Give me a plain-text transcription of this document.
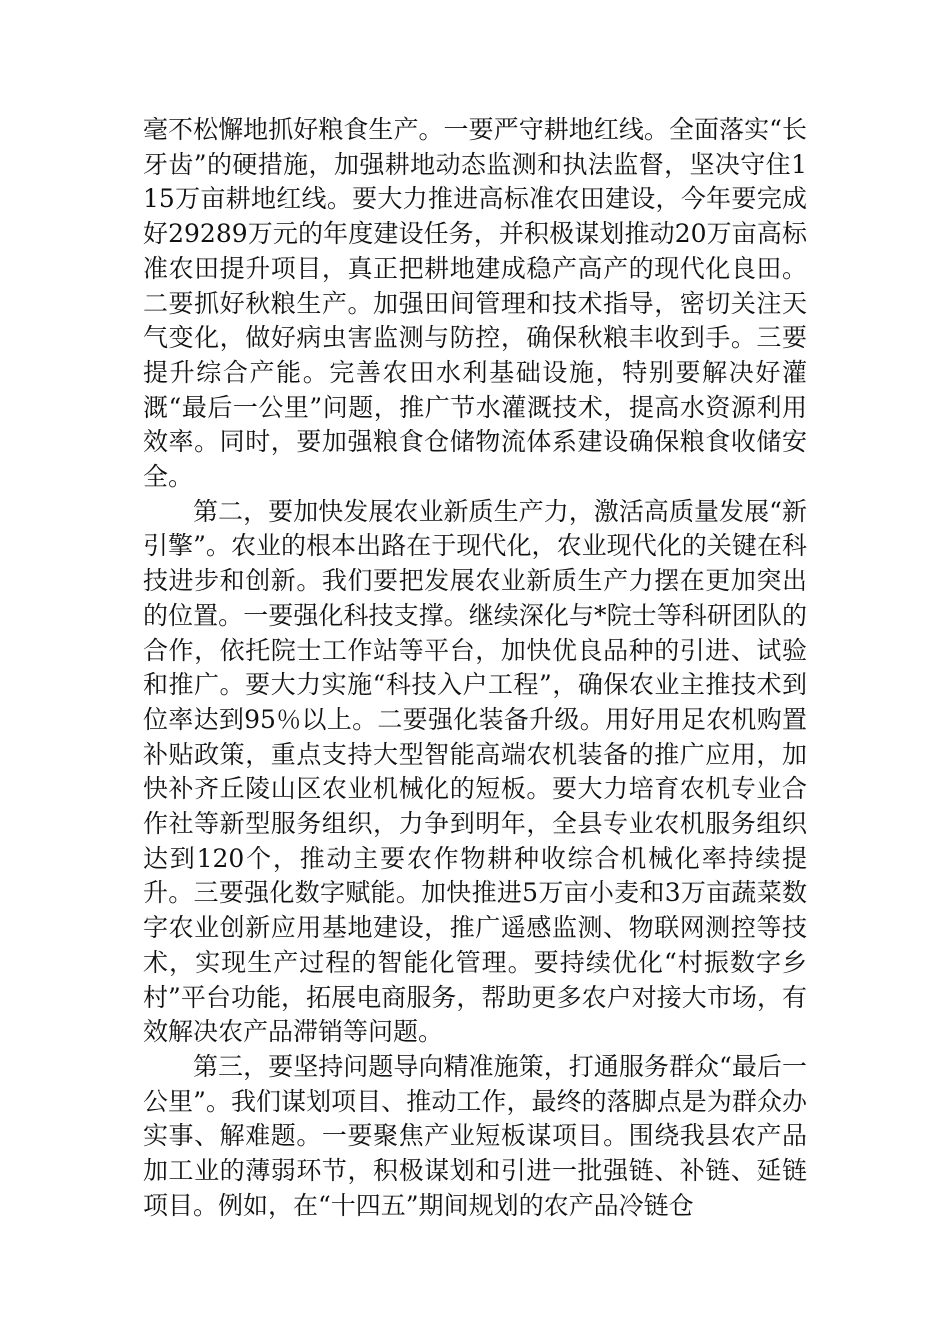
毫不松懈地抓好粮食生产。一要严守耕地红线。全面落实“长牙齿”的硬措施，加强耕地动态监测和执法监督，坚决守住115万亩耕地红线。要大力推进高标准农田建设，今年要完成好29289万元的年度建设任务，并积极谋划推动20万亩高标准农田提升项目，真正把耕地建成稳产高产的现代化良田。二要抓好秋粮生产。加强田间管理和技术指导，密切关注天气变化，做好病虫害监测与防控，确保秋粮丰收到手。三要提升综合产能。完善农田水利基础设施，特别要解决好灌溉“最后一公里”问题，推广节水灌溉技术，提高水资源利用效率。同时，要加强粮食仓储物流体系建设确保粮食收储安全。

第二，要加快发展农业新质生产力，激活高质量发展“新引擎”。农业的根本出路在于现代化，农业现代化的关键在科技进步和创新。我们要把发展农业新质生产力摆在更加突出的位置。一要强化科技支撑。继续深化与*院士等科研团队的合作，依托院士工作站等平台，加快优良品种的引进、试验和推广。要大力实施“科技入户工程”，确保农业主推技术到位率达到95％以上。二要强化装备升级。用好用足农机购置补贴政策，重点支持大型智能高端农机装备的推广应用，加快补齐丘陵山区农业机械化的短板。要大力培育农机专业合作社等新型服务组织，力争到明年，全县专业农机服务组织达到120个，推动主要农作物耕种收综合机械化率持续提升。三要强化数字赋能。加快推进5万亩小麦和3万亩蔬菜数字农业创新应用基地建设，推广遥感监测、物联网测控等技术，实现生产过程的智能化管理。要持续优化“村振数字乡村”平台功能，拓展电商服务，帮助更多农户对接大市场，有效解决农产品滞销等问题。

第三，要坚持问题导向精准施策，打通服务群众“最后一公里”。我们谋划项目、推动工作，最终的落脚点是为群众办实事、解难题。一要聚焦产业短板谋项目。围绕我县农产品加工业的薄弱环节，积极谋划和引进一批强链、补链、延链项目。例如，在“十四五”期间规划的农产品冷链仓
